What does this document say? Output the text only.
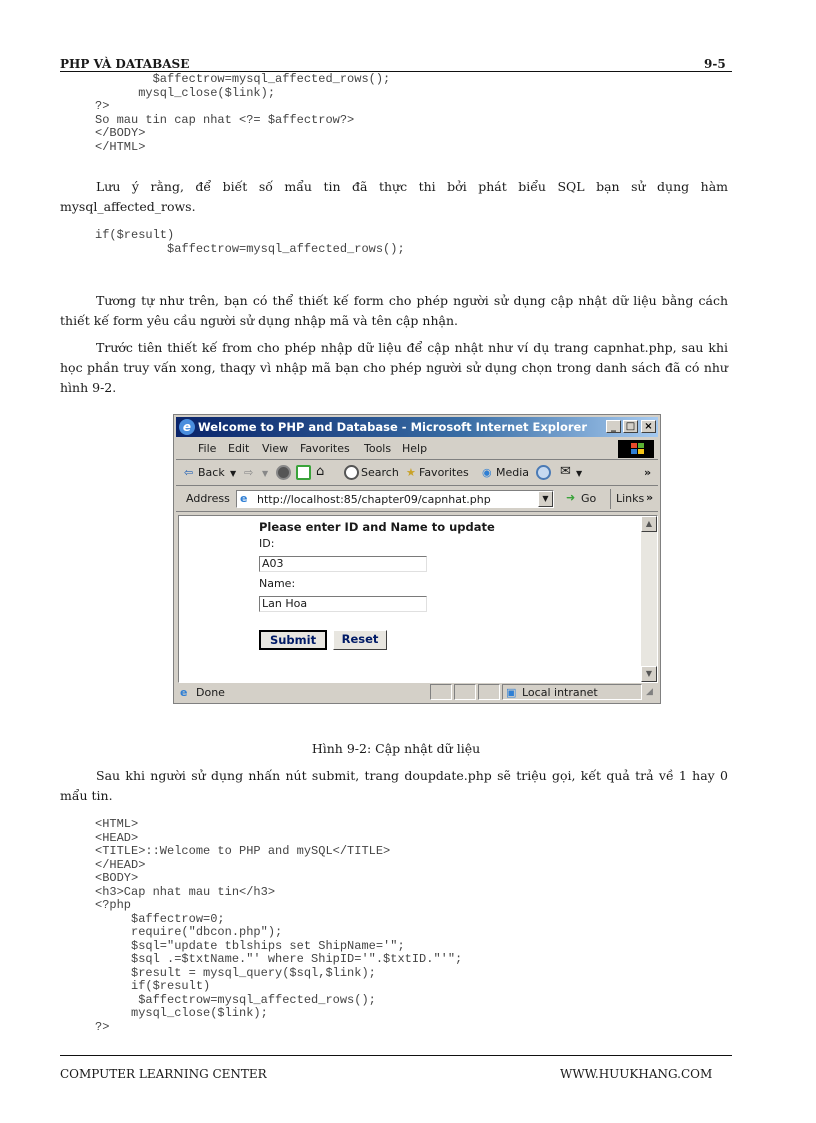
PHP VÀ DATABASE	9-5
$affectrow=mysql_affected_rows();
mysql_close($link);
?>
So mau tin cap nhat <?= $affectrow?>
</BODY>
</HTML>

Lưu ý rằng, để biết số mẩu tin đã thực thi bởi phát biểu SQL bạn sử dụng hàm mysql_affected_rows.

if($result)
$affectrow=mysql_affected_rows();

Tương tự như trên, bạn có thể thiết kế form cho phép người sử dụng cập nhật dữ liệu bằng cách thiết kế form yêu cầu người sử dụng nhập mã và tên cập nhận.

Trước tiên thiết kế from cho phép nhập dữ liệu để cập nhật như ví dụ trang capnhat.php, sau khi học phần truy vấn xong, thaqy vì nhập mã bạn cho phép người sử dụng chọn trong danh sách đã có như hình 9-2.

e Welcome to PHP and Database - Microsoft Internet Explorer	_ □ ×
File Edit View Favorites Tools Help
⇦ Back ▼ ⇨ ▼	⌂	Search ★ Favorites ◉ Media ✉ ▼	»
Address e http://localhost:85/chapter09/capnhat.php	▼	➜ Go Links »
Please enter ID and Name to update
ID:
A03
Name:
Lan Hoa
Submit	Reset
▲
▼
e Done	▣ Local intranet	◢
Hình 9-2: Cập nhật dữ liệu

Sau khi người sử dụng nhấn nút submit, trang doupdate.php sẽ triệu gọi, kết quả trả về 1 hay 0 mẩu tin.

<HTML>
<HEAD>
<TITLE>::Welcome to PHP and mySQL</TITLE>
</HEAD>
<BODY>
<h3>Cap nhat mau tin</h3>
<?php
$affectrow=0;
require("dbcon.php");
$sql="update tblships set ShipName='";
$sql .=$txtName."' where ShipID='".$txtID."'";
$result = mysql_query($sql,$link);
if($result)
$affectrow=mysql_affected_rows();
mysql_close($link);
?>
COMPUTER LEARNING CENTER	WWW.HUUKHANG.COM
